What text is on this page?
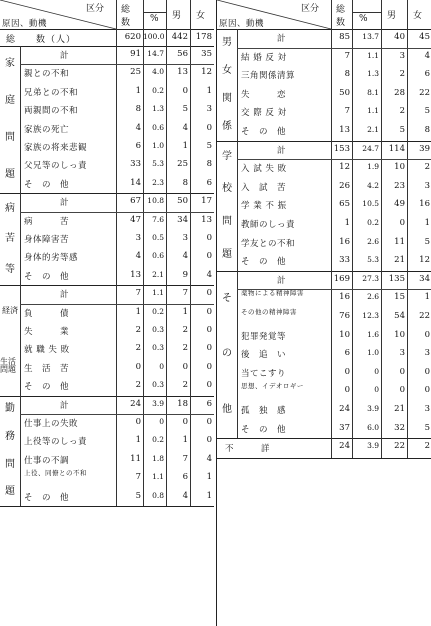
区分
原因、動機
総数 % 男 女
総　　数（人）	620 100.0 442 178
家
庭
問
題
計	91 14.7	56	35
親との不和	25	4.0	13	12
兄弟との不和	1	0.2	0	1
両親間の不和	8	1.3	5	3
家族の死亡	4	0.6	4	0
家族の将来悲観	6	1.0	1	5
父兄等のしっ責	33	5.3	25	8
そ　の　他	14	2.3	8	6
病
苦
等
計	67 10.8	50	17
病　　　苦	47	7.6	34	13
身体障害苦	3	0.5	3	0
身体的劣等感	4	0.6	4	0
そ　の　他	13	2.1	9	4
経済
生活問題
計	7	1.1	7	0
負　　　債	1	0.2	1	0
失　　　業	2	0.3	2	0
就 職 失 敗	2	0.3	2	0
生　活　苦	0	0	0	0
そ　の　他	2	0.3	2	0
勤
務
問
題
計	24	3.9	18	6
仕事上の失敗	0	0	0	0
上役等のしっ責	1	0.2	1	0
仕事の不調	11	1.8	7	4
上役、同僚との不和	7	1.1	6	1
そ　の　他	5	0.8	4	1
区分
原因、動機
総数 % 男 女
男
女
関
係
計	85	13.7	40	45
結 婚 反 対	7	1.1	3	4
三角関係清算	8	1.3	2	6
失　　　恋	50	8.1	28	22
交 際 反 対	7	1.1	2	5
そ　の　他	13	2.1	5	8
学
校
問
題
計	153	24.7	114	39
入 試 失 敗	12	1.9	10	2
入　試　苦	26	4.2	23	3
学 業 不 振	65	10.5	49	16
教師のしっ責	1	0.2	0	1
学友との不和	16	2.6	11	5
そ　の　他	33	5.3	21	12
そ
の
他
計	169	27.3	135	34
薬物による精神障害	16	2.6	15	1
その他の精神障害	76	12.3	54	22
犯罪発覚等	10	1.6	10	0
後　追　い	6	1.0	3	3
当てこすり	0	0	0	0
思想、イデオロギー	0	0	0	0
孤　独　感	24	3.9	21	3
そ　の　他	37	6.0	32	5
不　　　詳	24	3.9	22	2
